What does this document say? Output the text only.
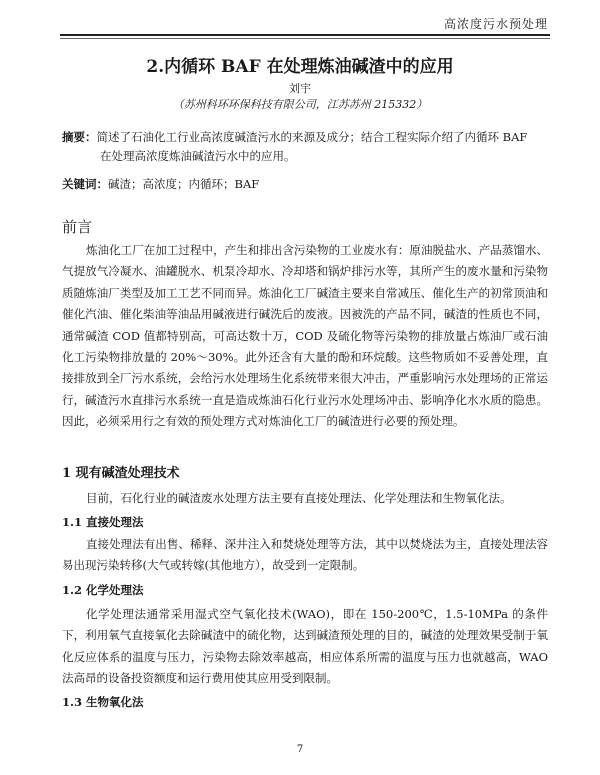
高浓度污水预处理
2.内循环 BAF 在处理炼油碱渣中的应用
刘宇
（苏州科环环保科技有限公司，江苏苏州 215332）
摘要：简述了石油化工行业高浓度碱渣污水的来源及成分；结合工程实际介绍了内循环 BAF
在处理高浓度炼油碱渣污水中的应用。
关键词：碱渣；高浓度；内循环；BAF
前言

炼油化工厂在加工过程中，产生和排出含污染物的工业废水有：原油脱盐水、产品蒸馏水、气提放气冷凝水、油罐脱水、机泵冷却水、冷却塔和锅炉排污水等，其所产生的废水量和污染物质随炼油厂类型及加工工艺不同而异。炼油化工厂碱渣主要来自常减压、催化生产的初常顶油和催化汽油、催化柴油等油品用碱液进行碱洗后的废液。因被洗的产品不同，碱渣的性质也不同，通常碱渣 COD 值都特别高，可高达数十万，COD 及硫化物等污染物的排放量占炼油厂或石油化工污染物排放量的 20%～30%。此外还含有大量的酚和环烷酸。这些物质如不妥善处理，直接排放到全厂污水系统，会给污水处理场生化系统带来很大冲击，严重影响污水处理场的正常运行，碱渣污水直排污水系统一直是造成炼油石化行业污水处理场冲击、影响净化水水质的隐患。因此，必须采用行之有效的预处理方式对炼油化工厂的碱渣进行必要的预处理。

1 现有碱渣处理技术

目前，石化行业的碱渣废水处理方法主要有直接处理法、化学处理法和生物氧化法。

1.1 直接处理法

直接处理法有出售、稀释、深井注入和焚烧处理等方法，其中以焚烧法为主，直接处理法容易出现污染转移(大气或转嫁(其他地方），故受到一定限制。

1.2 化学处理法

化学处理法通常采用湿式空气氧化技术(WAO)，即在 150-200℃，1.5-10MPa 的条件下，利用氧气直接氧化去除碱渣中的硫化物，达到碱渣预处理的目的，碱渣的处理效果受制于氧化反应体系的温度与压力，污染物去除效率越高，相应体系所需的温度与压力也就越高，WAO 法高昂的设备投资额度和运行费用使其应用受到限制。

1.3 生物氧化法
7
